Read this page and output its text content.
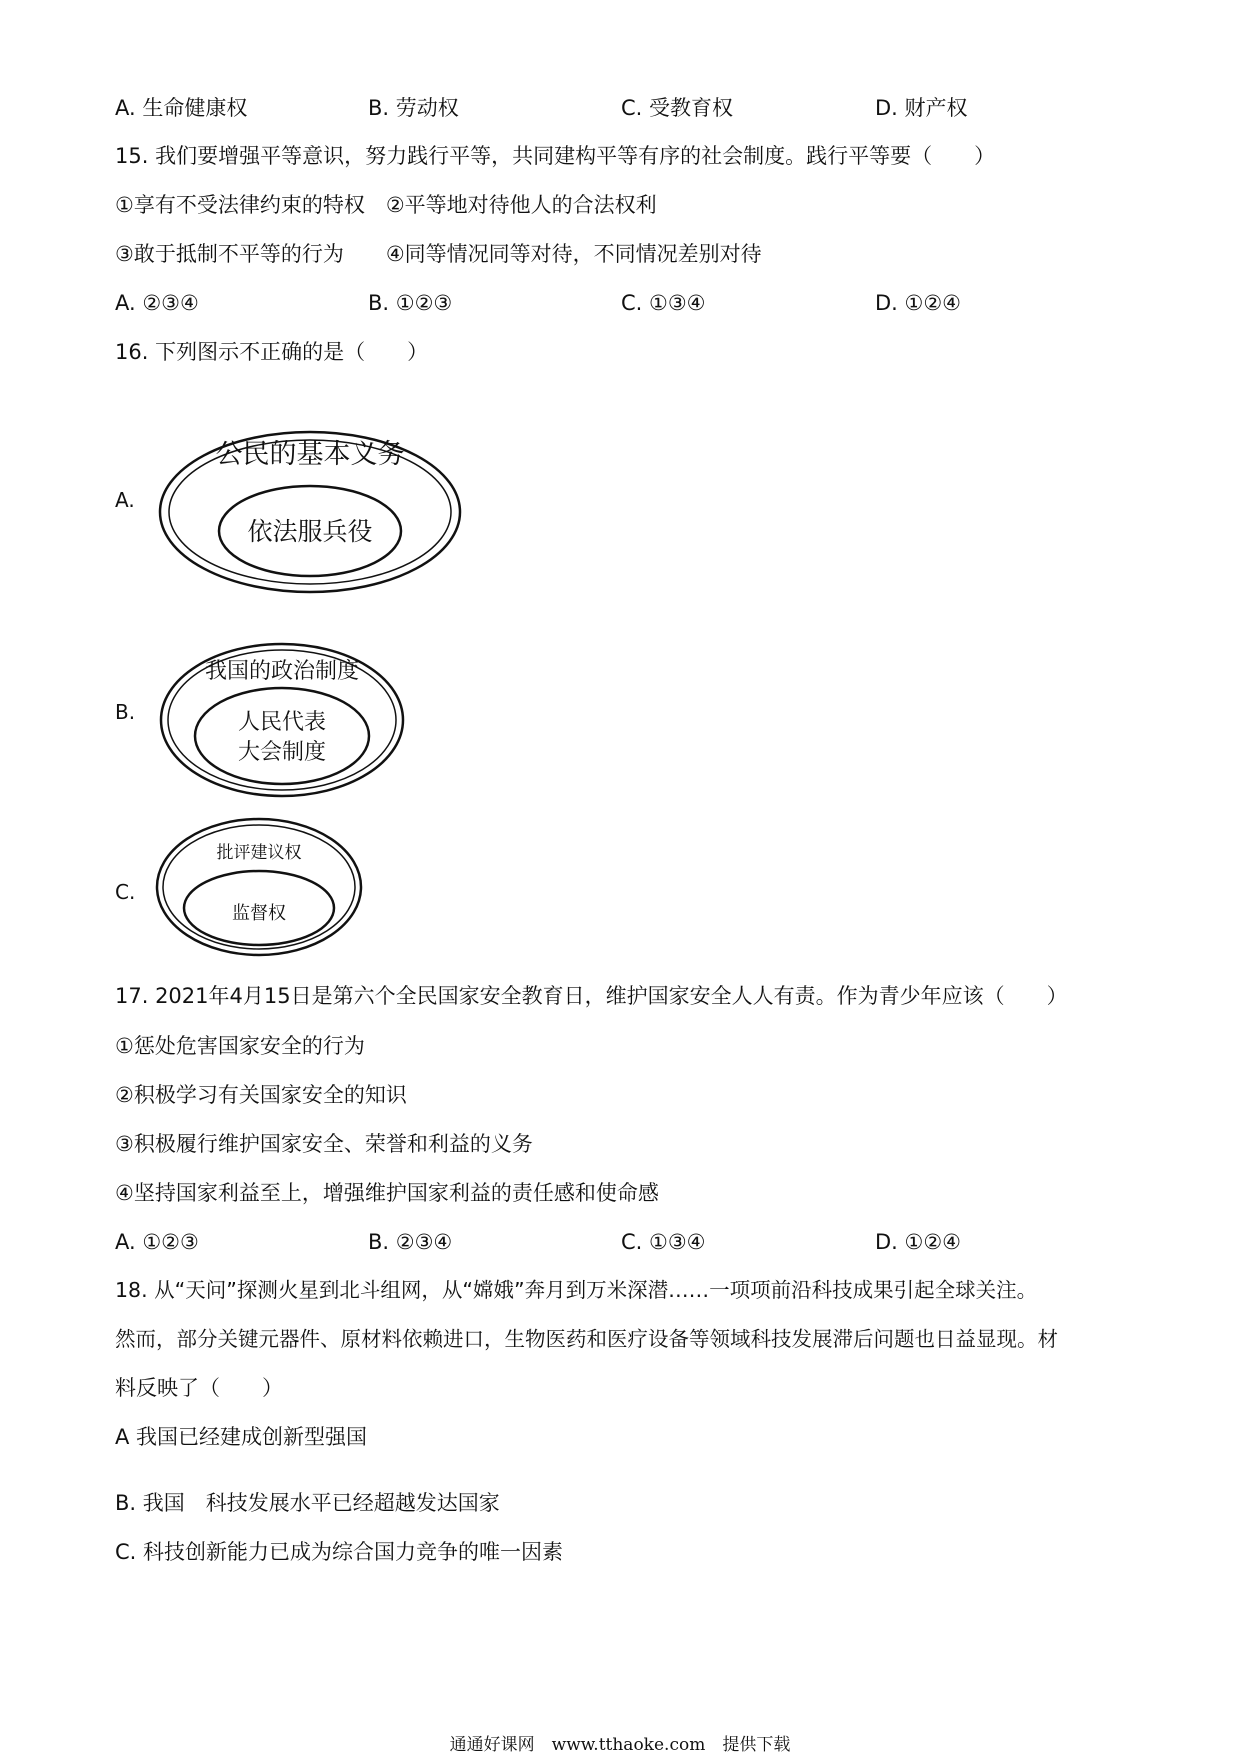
A. 生命健康权	B. 劳动权	C. 受教育权	D. 财产权
15. 我们要增强平等意识，努力践行平等，共同建构平等有序的社会制度。践行平等要（　　）
①享有不受法律约束的特权　②平等地对待他人的合法权利
③敢于抵制不平等的行为　　④同等情况同等对待，不同情况差别对待
A. ②③④	B. ①②③	C. ①③④	D. ①②④
16. 下列图示不正确的是（　　）
A.
公民的基本义务
依法服兵役
B.
我国的政治制度
人民代表
大会制度
C.
批评建议权
监督权
17. 2021年4月15日是第六个全民国家安全教育日，维护国家安全人人有责。作为青少年应该（　　）
①惩处危害国家安全的行为
②积极学习有关国家安全的知识
③积极履行维护国家安全、荣誉和利益的义务
④坚持国家利益至上，增强维护国家利益的责任感和使命感
A. ①②③	B. ②③④	C. ①③④	D. ①②④
18. 从“天问”探测火星到北斗组网，从“嫦娥”奔月到万米深潜……一项项前沿科技成果引起全球关注。
然而，部分关键元器件、原材料依赖进口，生物医药和医疗设备等领域科技发展滞后问题也日益显现。材
料反映了（　　）
A 我国已经建成创新型强国
B. 我国　科技发展水平已经超越发达国家
C. 科技创新能力已成为综合国力竞争的唯一因素
通通好课网　www.tthaoke.com　提供下载
